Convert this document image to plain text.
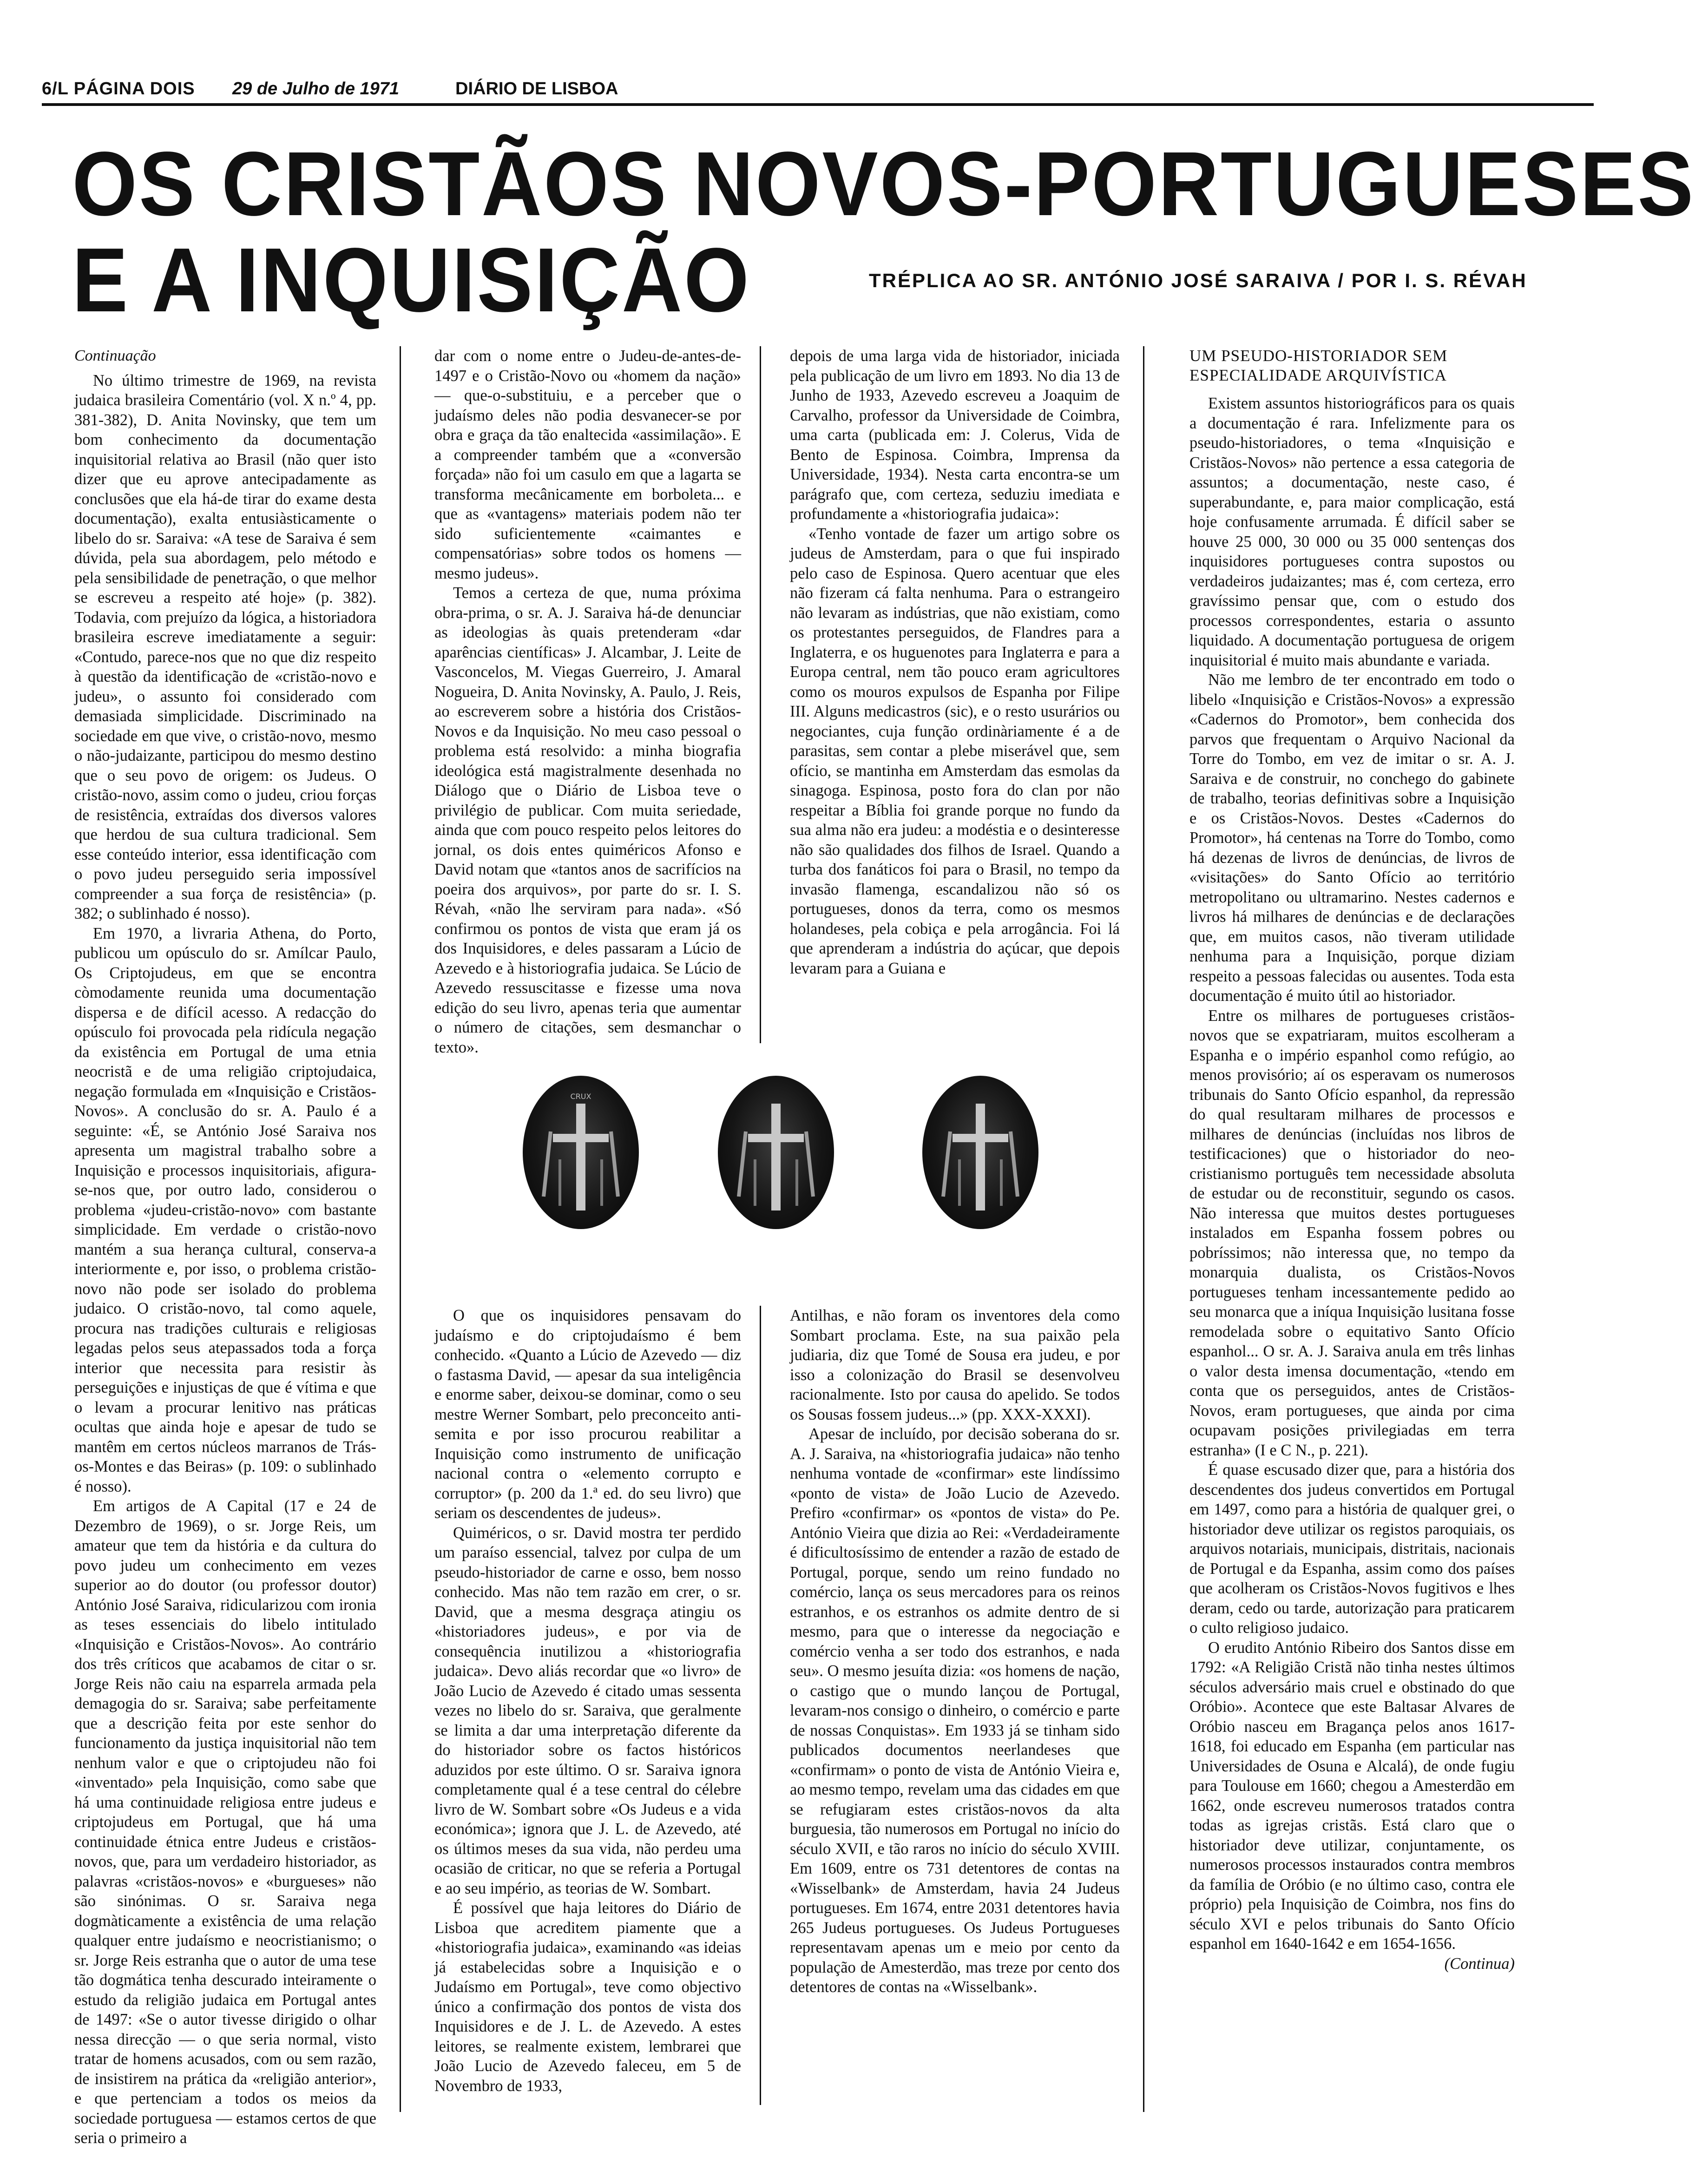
6/L PÁGINA DOIS 29 de Julho de 1971	DIÁRIO DE LISBOA
OS CRISTÃOS NOVOS-PORTUGUESES
E A INQUISIÇÃO	TRÉPLICA AO SR. ANTÓNIO JOSÉ SARAIVA / POR I. S. RÉVAH

Continuação

No último trimestre de 1969, na revista judaica brasileira Comentário (vol. X n.º 4, pp. 381-382), D. Anita Novinsky, que tem um bom conhecimento da documentação inquisitorial relativa ao Brasil (não quer isto dizer que eu aprove antecipadamente as conclusões que ela há-de tirar do exame desta documentação), exalta entusiàsticamente o libelo do sr. Saraiva: «A tese de Saraiva é sem dúvida, pela sua abordagem, pelo método e pela sensibilidade de penetração, o que melhor se escreveu a respeito até hoje» (p. 382). Todavia, com prejuízo da lógica, a historiadora brasileira escreve imediatamente a seguir: «Contudo, parece-nos que no que diz respeito à questão da identificação de «cristão-novo e judeu», o assunto foi considerado com demasiada simplicidade. Discriminado na sociedade em que vive, o cristão-novo, mesmo o não-judaizante, participou do mesmo destino que o seu povo de origem: os Judeus. O cristão-novo, assim como o judeu, criou forças de resistência, extraídas dos diversos valores que herdou de sua cultura tradicional. Sem esse conteúdo interior, essa identificação com o povo judeu perseguido seria impossível compreender a sua força de resistência» (p. 382; o sublinhado é nosso).

Em 1970, a livraria Athena, do Porto, publicou um opúsculo do sr. Amílcar Paulo, Os Criptojudeus, em que se encontra còmodamente reunida uma documentação dispersa e de difícil acesso. A redacção do opúsculo foi provocada pela ridícula negação da existência em Portugal de uma etnia neocristã e de uma religião criptojudaica, negação formulada em «Inquisição e Cristãos-Novos». A conclusão do sr. A. Paulo é a seguinte: «É, se António José Saraiva nos apresenta um magistral trabalho sobre a Inquisição e processos inquisitoriais, afigura-se-nos que, por outro lado, considerou o problema «judeu-cristão-novo» com bastante simplicidade. Em verdade o cristão-novo mantém a sua herança cultural, conserva-a interiormente e, por isso, o problema cristão-novo não pode ser isolado do problema judaico. O cristão-novo, tal como aquele, procura nas tradições culturais e religiosas legadas pelos seus atepassados toda a força interior que necessita para resistir às perseguições e injustiças de que é vítima e que o levam a procurar lenitivo nas práticas ocultas que ainda hoje e apesar de tudo se mantêm em certos núcleos marranos de Trás-os-Montes e das Beiras» (p. 109: o sublinhado é nosso).

Em artigos de A Capital (17 e 24 de Dezembro de 1969), o sr. Jorge Reis, um amateur que tem da história e da cultura do povo judeu um conhecimento em vezes superior ao do doutor (ou professor doutor) António José Saraiva, ridicularizou com ironia as teses essenciais do libelo intitulado «Inquisição e Cristãos-Novos». Ao contrário dos três críticos que acabamos de citar o sr. Jorge Reis não caiu na esparrela armada pela demagogia do sr. Saraiva; sabe perfeitamente que a descrição feita por este senhor do funcionamento da justiça inquisitorial não tem nenhum valor e que o criptojudeu não foi «inventado» pela Inquisição, como sabe que há uma continuidade religiosa entre judeus e criptojudeus em Portugal, que há uma continuidade étnica entre Judeus e cristãos-novos, que, para um verdadeiro historiador, as palavras «cristãos-novos» e «burgueses» não são sinónimas. O sr. Saraiva nega dogmàticamente a existência de uma relação qualquer entre judaísmo e neocristianismo; o sr. Jorge Reis estranha que o autor de uma tese tão dogmática tenha descurado inteiramente o estudo da religião judaica em Portugal antes de 1497: «Se o autor tivesse dirigido o olhar nessa direcção — o que seria normal, visto tratar de homens acusados, com ou sem razão, de insistirem na prática da «religião anterior», e que pertenciam a todos os meios da sociedade portuguesa — estamos certos de que seria o primeiro a

dar com o nome entre o Judeu-de-antes-de-1497 e o Cristão-Novo ou «homem da nação» — que-o-substituiu, e a perceber que o judaísmo deles não podia desvanecer-se por obra e graça da tão enaltecida «assimilação». E a compreender também que a «conversão forçada» não foi um casulo em que a lagarta se transforma mecânicamente em borboleta... e que as «vantagens» materiais podem não ter sido suficientemente «caimantes e compensatórias» sobre todos os homens — mesmo judeus».

Temos a certeza de que, numa próxima obra-prima, o sr. A. J. Saraiva há-de denunciar as ideologias às quais pretenderam «dar aparências científicas» J. Alcambar, J. Leite de Vasconcelos, M. Viegas Guerreiro, J. Amaral Nogueira, D. Anita Novinsky, A. Paulo, J. Reis, ao escreverem sobre a história dos Cristãos-Novos e da Inquisição. No meu caso pessoal o problema está resolvido: a minha biografia ideológica está magistralmente desenhada no Diálogo que o Diário de Lisboa teve o privilégio de publicar. Com muita seriedade, ainda que com pouco respeito pelos leitores do jornal, os dois entes quiméricos Afonso e David notam que «tantos anos de sacrifícios na poeira dos arquivos», por parte do sr. I. S. Révah, «não lhe serviram para nada». «Só confirmou os pontos de vista que eram já os dos Inquisidores, e deles passaram a Lúcio de Azevedo e à historiografia judaica. Se Lúcio de Azevedo ressuscitasse e fizesse uma nova edição do seu livro, apenas teria que aumentar o número de citações, sem desmanchar o texto».

depois de uma larga vida de historiador, iniciada pela publicação de um livro em 1893. No dia 13 de Junho de 1933, Azevedo escreveu a Joaquim de Carvalho, professor da Universidade de Coimbra, uma carta (publicada em: J. Colerus, Vida de Bento de Espinosa. Coimbra, Imprensa da Universidade, 1934). Nesta carta encontra-se um parágrafo que, com certeza, seduziu imediata e profundamente a «historiografia judaica»:

«Tenho vontade de fazer um artigo sobre os judeus de Amsterdam, para o que fui inspirado pelo caso de Espinosa. Quero acentuar que eles não fizeram cá falta nenhuma. Para o estrangeiro não levaram as indústrias, que não existiam, como os protestantes perseguidos, de Flandres para a Inglaterra, e os huguenotes para Inglaterra e para a Europa central, nem tão pouco eram agricultores como os mouros expulsos de Espanha por Filipe III. Alguns medicastros (sic), e o resto usurários ou negociantes, cuja função ordinàriamente é a de parasitas, sem contar a plebe miserável que, sem ofício, se mantinha em Amsterdam das esmolas da sinagoga. Espinosa, posto fora do clan por não respeitar a Bíblia foi grande porque no fundo da sua alma não era judeu: a modéstia e o desinteresse não são qualidades dos filhos de Israel. Quando a turba dos fanáticos foi para o Brasil, no tempo da invasão flamenga, escandalizou não só os portugueses, donos da terra, como os mesmos holandeses, pela cobiça e pela arrogância. Foi lá que aprenderam a indústria do açúcar, que depois levaram para a Guiana e

CRUX

O que os inquisidores pensavam do judaísmo e do criptojudaísmo é bem conhecido. «Quanto a Lúcio de Azevedo — diz o fastasma David, — apesar da sua inteligência e enorme saber, deixou-se dominar, como o seu mestre Werner Sombart, pelo preconceito anti-semita e por isso procurou reabilitar a Inquisição como instrumento de unificação nacional contra o «elemento corrupto e corruptor» (p. 200 da 1.ª ed. do seu livro) que seriam os descendentes de judeus».

Quiméricos, o sr. David mostra ter perdido um paraíso essencial, talvez por culpa de um pseudo-historiador de carne e osso, bem nosso conhecido. Mas não tem razão em crer, o sr. David, que a mesma desgraça atingiu os «historiadores judeus», e por via de consequência inutilizou a «historiografia judaica». Devo aliás recordar que «o livro» de João Lucio de Azevedo é citado umas sessenta vezes no libelo do sr. Saraiva, que geralmente se limita a dar uma interpretação diferente da do historiador sobre os factos históricos aduzidos por este último. O sr. Saraiva ignora completamente qual é a tese central do célebre livro de W. Sombart sobre «Os Judeus e a vida económica»; ignora que J. L. de Azevedo, até os últimos meses da sua vida, não perdeu uma ocasião de criticar, no que se referia a Portugal e ao seu império, as teorias de W. Sombart.

É possível que haja leitores do Diário de Lisboa que acreditem piamente que a «historiografia judaica», examinando «as ideias já estabelecidas sobre a Inquisição e o Judaísmo em Portugal», teve como objectivo único a confirmação dos pontos de vista dos Inquisidores e de J. L. de Azevedo. A estes leitores, se realmente existem, lembrarei que João Lucio de Azevedo faleceu, em 5 de Novembro de 1933,

Antilhas, e não foram os inventores dela como Sombart proclama. Este, na sua paixão pela judiaria, diz que Tomé de Sousa era judeu, e por isso a colonização do Brasil se desenvolveu racionalmente. Isto por causa do apelido. Se todos os Sousas fossem judeus...» (pp. XXX-XXXI).

Apesar de incluído, por decisão soberana do sr. A. J. Saraiva, na «historiografia judaica» não tenho nenhuma vontade de «confirmar» este lindíssimo «ponto de vista» de João Lucio de Azevedo. Prefiro «confirmar» os «pontos de vista» do Pe. António Vieira que dizia ao Rei: «Verdadeiramente é dificultosíssimo de entender a razão de estado de Portugal, porque, sendo um reino fundado no comércio, lança os seus mercadores para os reinos estranhos, e os estranhos os admite dentro de si mesmo, para que o interesse da negociação e comércio venha a ser todo dos estranhos, e nada seu». O mesmo jesuíta dizia: «os homens de nação, o castigo que o mundo lançou de Portugal, levaram-nos consigo o dinheiro, o comércio e parte de nossas Conquistas». Em 1933 já se tinham sido publicados documentos neerlandeses que «confirmam» o ponto de vista de António Vieira e, ao mesmo tempo, revelam uma das cidades em que se refugiaram estes cristãos-novos da alta burguesia, tão numerosos em Portugal no início do século XVII, e tão raros no início do século XVIII. Em 1609, entre os 731 detentores de contas na «Wisselbank» de Amsterdam, havia 24 Judeus portugueses. Em 1674, entre 2031 detentores havia 265 Judeus portugueses. Os Judeus Portugueses representavam apenas um e meio por cento da população de Amesterdão, mas treze por cento dos detentores de contas na «Wisselbank».

UM PSEUDO-HISTORIADOR SEM ESPECIALIDADE ARQUIVÍSTICA

Existem assuntos historiográficos para os quais a documentação é rara. Infelizmente para os pseudo-historiadores, o tema «Inquisição e Cristãos-Novos» não pertence a essa categoria de assuntos; a documentação, neste caso, é superabundante, e, para maior complicação, está hoje confusamente arrumada. É difícil saber se houve 25 000, 30 000 ou 35 000 sentenças dos inquisidores portugueses contra supostos ou verdadeiros judaizantes; mas é, com certeza, erro gravíssimo pensar que, com o estudo dos processos correspondentes, estaria o assunto liquidado. A documentação portuguesa de origem inquisitorial é muito mais abundante e variada.

Não me lembro de ter encontrado em todo o libelo «Inquisição e Cristãos-Novos» a expressão «Cadernos do Promotor», bem conhecida dos parvos que frequentam o Arquivo Nacional da Torre do Tombo, em vez de imitar o sr. A. J. Saraiva e de construir, no conchego do gabinete de trabalho, teorias definitivas sobre a Inquisição e os Cristãos-Novos. Destes «Cadernos do Promotor», há centenas na Torre do Tombo, como há dezenas de livros de denúncias, de livros de «visitações» do Santo Ofício ao território metropolitano ou ultramarino. Nestes cadernos e livros há milhares de denúncias e de declarações que, em muitos casos, não tiveram utilidade nenhuma para a Inquisição, porque diziam respeito a pessoas falecidas ou ausentes. Toda esta documentação é muito útil ao historiador.

Entre os milhares de portugueses cristãos-novos que se expatriaram, muitos escolheram a Espanha e o império espanhol como refúgio, ao menos provisório; aí os esperavam os numerosos tribunais do Santo Ofício espanhol, da repressão do qual resultaram milhares de processos e milhares de denúncias (incluídas nos libros de testificaciones) que o historiador do neo-cristianismo português tem necessidade absoluta de estudar ou de reconstituir, segundo os casos. Não interessa que muitos destes portugueses instalados em Espanha fossem pobres ou pobríssimos; não interessa que, no tempo da monarquia dualista, os Cristãos-Novos portugueses tenham incessantemente pedido ao seu monarca que a iníqua Inquisição lusitana fosse remodelada sobre o equitativo Santo Ofício espanhol... O sr. A. J. Saraiva anula em três linhas o valor desta imensa documentação, «tendo em conta que os perseguidos, antes de Cristãos-Novos, eram portugueses, que ainda por cima ocupavam posições privilegiadas em terra estranha» (I e C N., p. 221).

É quase escusado dizer que, para a história dos descendentes dos judeus convertidos em Portugal em 1497, como para a história de qualquer grei, o historiador deve utilizar os registos paroquiais, os arquivos notariais, municipais, distritais, nacionais de Portugal e da Espanha, assim como dos países que acolheram os Cristãos-Novos fugitivos e lhes deram, cedo ou tarde, autorização para praticarem o culto religioso judaico.

O erudito António Ribeiro dos Santos disse em 1792: «A Religião Cristã não tinha nestes últimos séculos adversário mais cruel e obstinado do que Oróbio». Acontece que este Baltasar Alvares de Oróbio nasceu em Bragança pelos anos 1617-1618, foi educado em Espanha (em particular nas Universidades de Osuna e Alcalá), de onde fugiu para Toulouse em 1660; chegou a Amesterdão em 1662, onde escreveu numerosos tratados contra todas as igrejas cristãs. Está claro que o historiador deve utilizar, conjuntamente, os numerosos processos instaurados contra membros da família de Oróbio (e no último caso, contra ele próprio) pela Inquisição de Coimbra, nos fins do século XVI e pelos tribunais do Santo Ofício espanhol em 1640-1642 e em 1654-1656.

(Continua)
